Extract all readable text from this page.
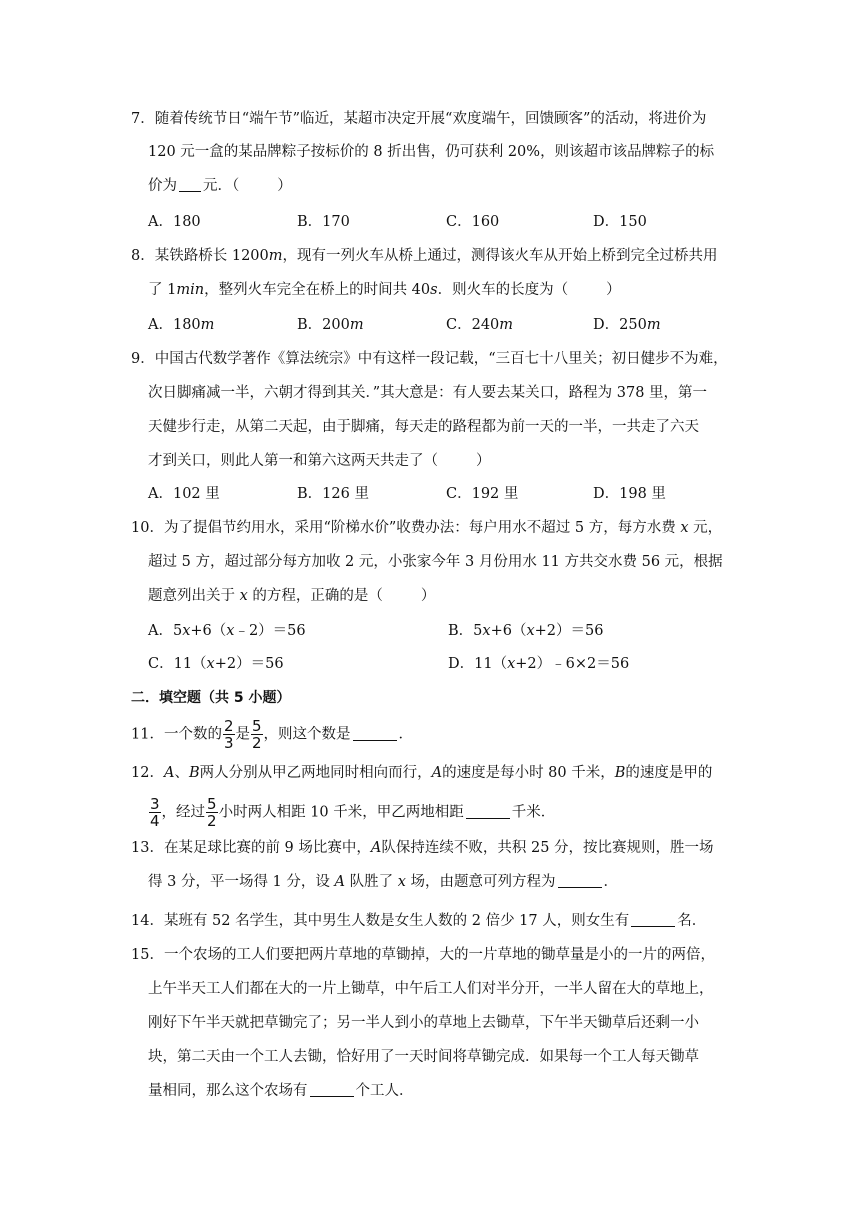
7．随着传统节日“端午节”临近，某超市决定开展“欢度端午，回馈顾客”的活动，将进价为
120 元一盒的某品牌粽子按标价的 8 折出售，仍可获利 20%，则该超市该品牌粽子的标
价为 元．（	）
A．180	B．170	C．160	D．150
8．某铁路桥长 1200m，现有一列火车从桥上通过，测得该火车从开始上桥到完全过桥共用
了 1min，整列火车完全在桥上的时间共 40s．则火车的长度为（	）
A．180m	B．200m	C．240m	D．250m
9．中国古代数学著作《算法统宗》中有这样一段记载，“三百七十八里关；初日健步不为难，
次日脚痛减一半，六朝才得到其关．”其大意是：有人要去某关口，路程为 378 里，第一
天健步行走，从第二天起，由于脚痛，每天走的路程都为前一天的一半，一共走了六天
才到关口，则此人第一和第六这两天共走了（	）
A．102 里	B．126 里	C．192 里	D．198 里
10．为了提倡节约用水，采用“阶梯水价”收费办法：每户用水不超过 5 方，每方水费 x 元，
超过 5 方，超过部分每方加收 2 元，小张家今年 3 月份用水 11 方共交水费 56 元，根据
题意列出关于 x 的方程，正确的是（	）
A．5x+6（x﹣2）＝56	B．5x+6（x+2）＝56
C．11（x+2）＝56	D．11（x+2）﹣6×2＝56
二．填空题（共 5 小题）
11．一个数的 $\frac{2}{3}$ 是 $\frac{5}{2}$ ，则这个数是	．
12．A、B两人分别从甲乙两地同时相向而行，A的速度是每小时 80 千米，B的速度是甲的
$\frac{3}{4}$ ，经过 $\frac{5}{2}$ 小时两人相距 10 千米，甲乙两地相距	千米．
13．在某足球比赛的前 9 场比赛中，A队保持连续不败，共积 25 分，按比赛规则，胜一场
得 3 分，平一场得 1 分，设 A 队胜了 x 场，由题意可列方程为	．
14．某班有 52 名学生，其中男生人数是女生人数的 2 倍少 17 人，则女生有	名．
15．一个农场的工人们要把两片草地的草锄掉，大的一片草地的锄草量是小的一片的两倍，
上午半天工人们都在大的一片上锄草，中午后工人们对半分开，一半人留在大的草地上，
刚好下午半天就把草锄完了；另一半人到小的草地上去锄草，下午半天锄草后还剩一小
块，第二天由一个工人去锄，恰好用了一天时间将草锄完成．如果每一个工人每天锄草
量相同，那么这个农场有	个工人．
